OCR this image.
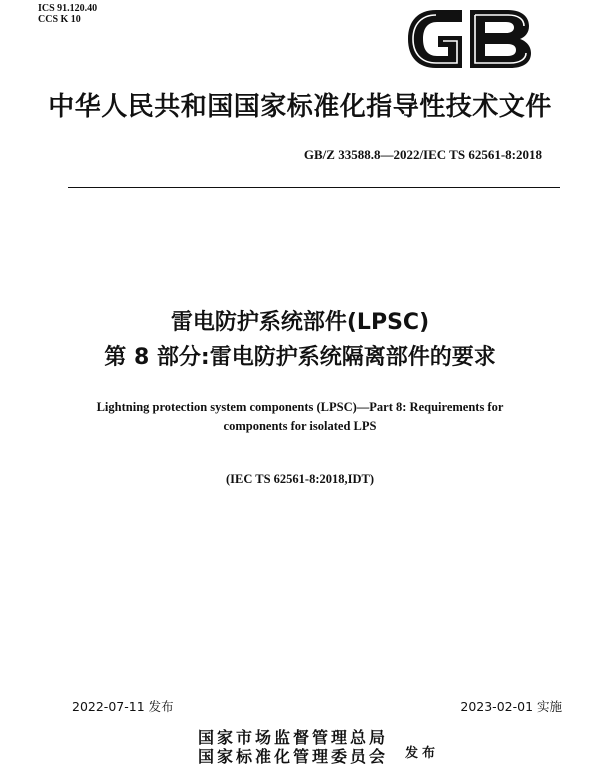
ICS 91.120.40
CCS K 10
GB
中华人民共和国国家标准化指导性技术文件
GB/Z 33588.8—2022/IEC TS 62561-8:2018
雷电防护系统部件(LPSC)
第 8 部分:雷电防护系统隔离部件的要求
Lightning protection system components (LPSC)—Part 8: Requirements for
components for isolated LPS
(IEC TS 62561-8:2018,IDT)
2022-07-11 发布	2023-02-01 实施
国家市场监督管理总局
国家标准化管理委员会 发布
